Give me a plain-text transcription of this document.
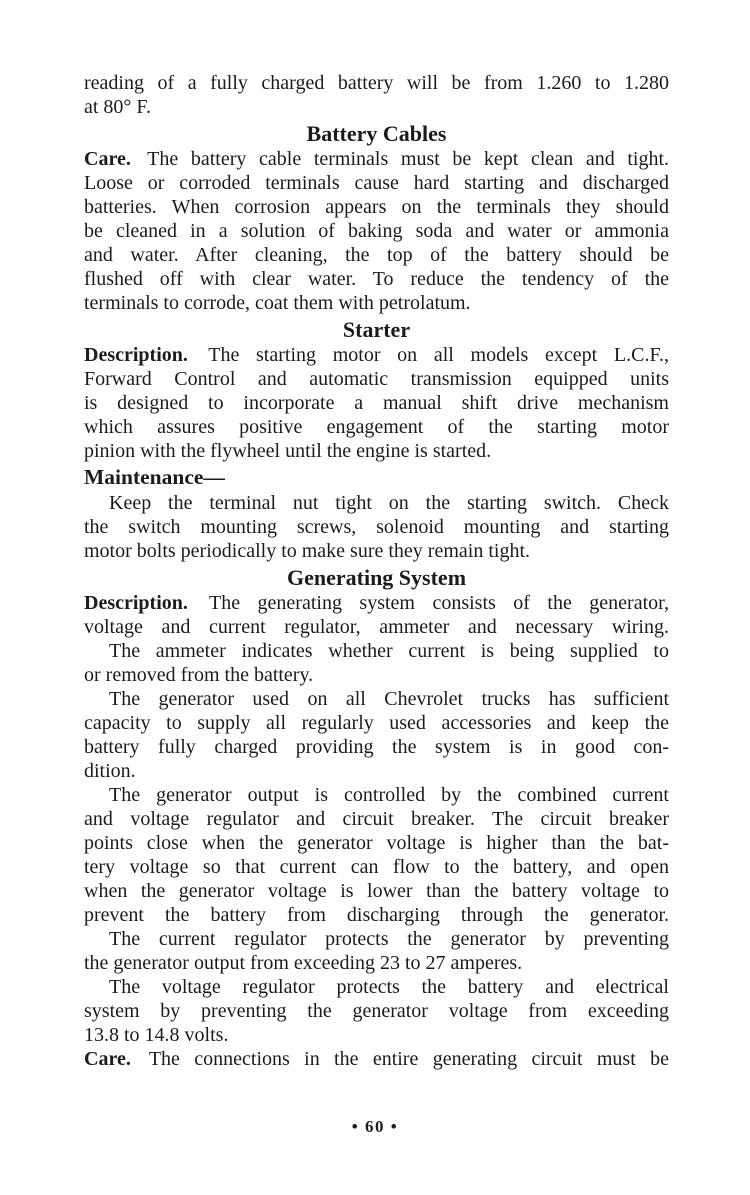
reading of a fully charged battery will be from 1.260 to 1.280
at 80° F.
Battery Cables
Care. The battery cable terminals must be kept clean and tight.
Loose or corroded terminals cause hard starting and discharged
batteries. When corrosion appears on the terminals they should
be cleaned in a solution of baking soda and water or ammonia
and water. After cleaning, the top of the battery should be
flushed off with clear water. To reduce the tendency of the
terminals to corrode, coat them with petrolatum.
Starter
Description. The starting motor on all models except L.C.F.,
Forward Control and automatic transmission equipped units
is designed to incorporate a manual shift drive mechanism
which assures positive engagement of the starting motor
pinion with the flywheel until the engine is started.
Maintenance—
Keep the terminal nut tight on the starting switch. Check
the switch mounting screws, solenoid mounting and starting
motor bolts periodically to make sure they remain tight.
Generating System
Description. The generating system consists of the generator,
voltage and current regulator, ammeter and necessary wiring.
The ammeter indicates whether current is being supplied to
or removed from the battery.
The generator used on all Chevrolet trucks has sufficient
capacity to supply all regularly used accessories and keep the
battery fully charged providing the system is in good con-
dition.
The generator output is controlled by the combined current
and voltage regulator and circuit breaker. The circuit breaker
points close when the generator voltage is higher than the bat-
tery voltage so that current can flow to the battery, and open
when the generator voltage is lower than the battery voltage to
prevent the battery from discharging through the generator.
The current regulator protects the generator by preventing
the generator output from exceeding 23 to 27 amperes.
The voltage regulator protects the battery and electrical
system by preventing the generator voltage from exceeding
13.8 to 14.8 volts.
Care. The connections in the entire generating circuit must be
• 60 •
